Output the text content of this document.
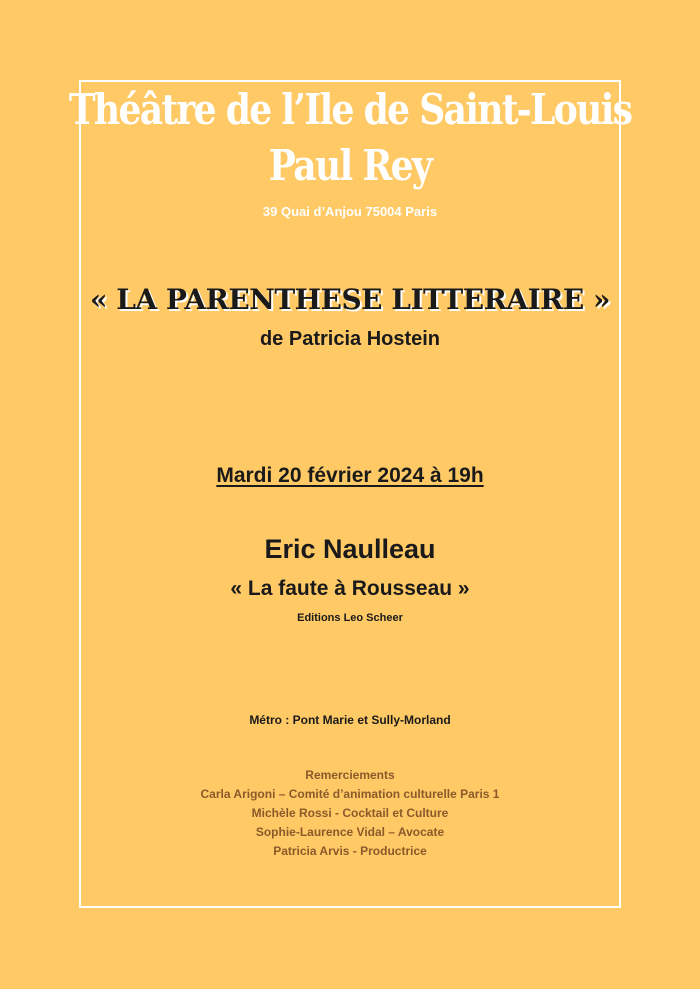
Théâtre de l’Ile de Saint-Louis
Paul Rey

39 Quai d’Anjou 75004 Paris

« LA PARENTHESE LITTERAIRE »

de Patricia Hostein

Mardi 20 février 2024 à 19h

Eric Naulleau

« La faute à Rousseau »

Editions Leo Scheer

Métro : Pont Marie et Sully-Morland

Remerciements
Carla Arigoni – Comité d’animation culturelle Paris 1
Michèle Rossi - Cocktail et Culture
Sophie-Laurence Vidal – Avocate
Patricia Arvis - Productrice
